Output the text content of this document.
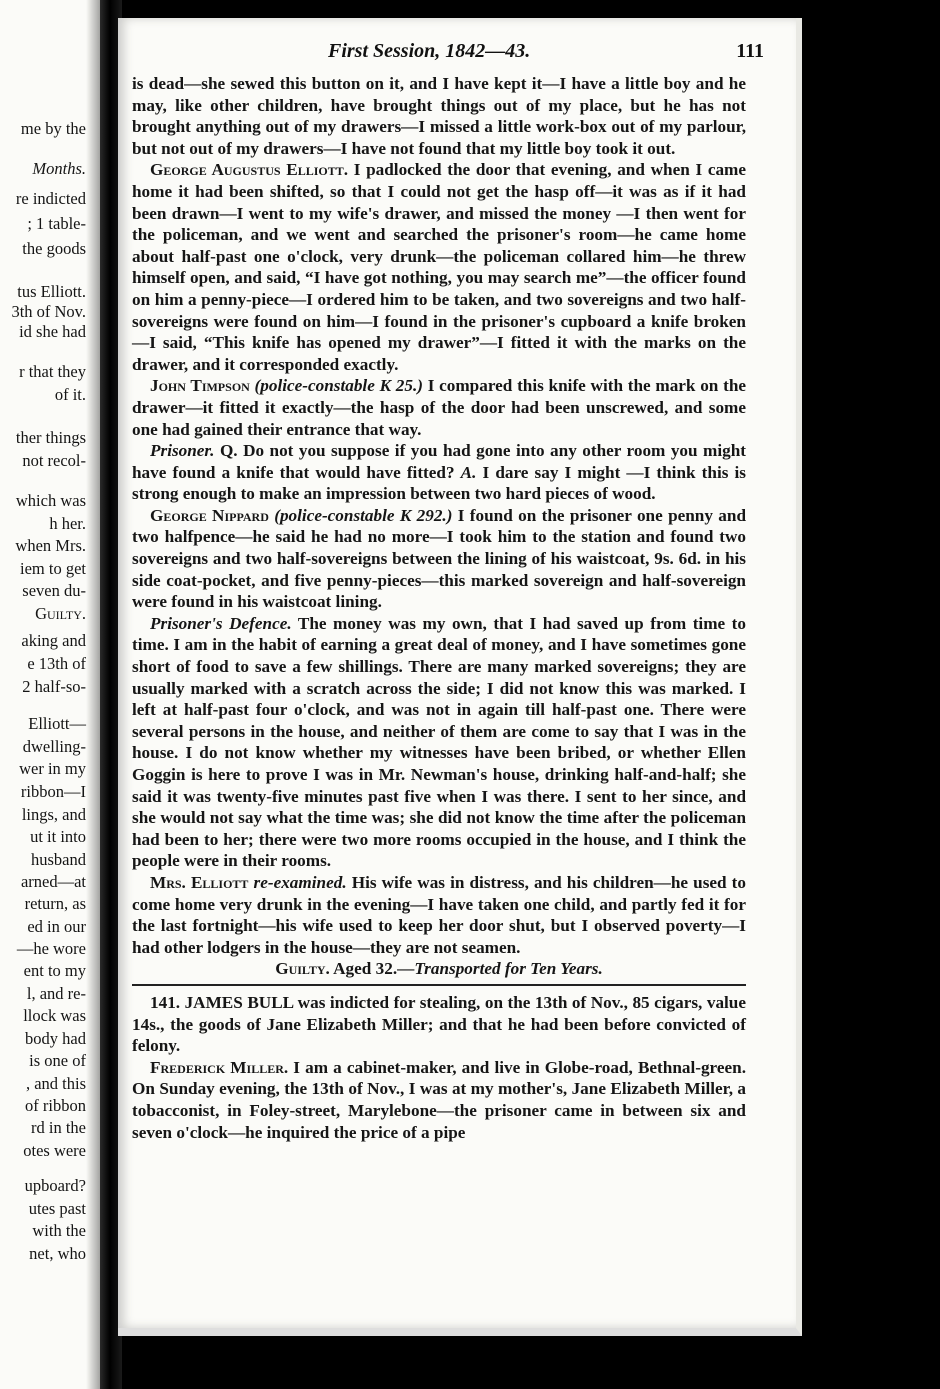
me by the
Months.
re indicted
; 1 table-
the goods
tus Elliott.
3th of Nov.
id she had
r that they
of it.
ther things
not recol-
which was
h her.
when Mrs.
iem to get
seven du-
Guilty.
aking and
e 13th of
2 half-so-
Elliott—
dwelling-
wer in my
ribbon—I
lings, and
ut it into
husband
arned—at
return, as
ed in our
—he wore
ent to my
l, and re-
llock was
body had
is one of
, and this
of ribbon
rd in the
otes were
upboard?
utes past
with the
net, who
First Session, 1842—43.	111

is dead—she sewed this button on it, and I have kept it—I have a little boy and he may, like other children, have brought things out of my place, but he has not brought anything out of my drawers—I missed a little work-box out of my parlour, but not out of my drawers—I have not found that my little boy took it out.

George Augustus Elliott. I padlocked the door that evening, and when I came home it had been shifted, so that I could not get the hasp off—it was as if it had been drawn—I went to my wife's drawer, and missed the money —I then went for the policeman, and we went and searched the prisoner's room—he came home about half-past one o'clock, very drunk—the policeman collared him—he threw himself open, and said, “I have got nothing, you may search me”—the officer found on him a penny-piece—I ordered him to be taken, and two sovereigns and two half-sovereigns were found on him—I found in the prisoner's cupboard a knife broken—I said, “This knife has opened my drawer”—I fitted it with the marks on the drawer, and it corresponded exactly.

John Timpson (police-constable K 25.) I compared this knife with the mark on the drawer—it fitted it exactly—the hasp of the door had been unscrewed, and some one had gained their entrance that way.

Prisoner. Q. Do not you suppose if you had gone into any other room you might have found a knife that would have fitted? A. I dare say I might —I think this is strong enough to make an impression between two hard pieces of wood.

George Nippard (police-constable K 292.) I found on the prisoner one penny and two halfpence—he said he had no more—I took him to the station and found two sovereigns and two half-sovereigns between the lining of his waistcoat, 9s. 6d. in his side coat-pocket, and five penny-pieces—this marked sovereign and half-sovereign were found in his waistcoat lining.

Prisoner's Defence. The money was my own, that I had saved up from time to time. I am in the habit of earning a great deal of money, and I have sometimes gone short of food to save a few shillings. There are many marked sovereigns; they are usually marked with a scratch across the side; I did not know this was marked. I left at half-past four o'clock, and was not in again till half-past one. There were several persons in the house, and neither of them are come to say that I was in the house. I do not know whether my witnesses have been bribed, or whether Ellen Goggin is here to prove I was in Mr. Newman's house, drinking half-and-half; she said it was twenty-five minutes past five when I was there. I sent to her since, and she would not say what the time was; she did not know the time after the policeman had been to her; there were two more rooms occupied in the house, and I think the people were in their rooms.

Mrs. Elliott re-examined. His wife was in distress, and his children—he used to come home very drunk in the evening—I have taken one child, and partly fed it for the last fortnight—his wife used to keep her door shut, but I observed poverty—I had other lodgers in the house—they are not seamen.

Guilty. Aged 32.—Transported for Ten Years.

141. JAMES BULL was indicted for stealing, on the 13th of Nov., 85 cigars, value 14s., the goods of Jane Elizabeth Miller; and that he had been before convicted of felony.

Frederick Miller. I am a cabinet-maker, and live in Globe-road, Bethnal-green. On Sunday evening, the 13th of Nov., I was at my mother's, Jane Elizabeth Miller, a tobacconist, in Foley-street, Marylebone—the prisoner came in between six and seven o'clock—he inquired the price of a pipe
